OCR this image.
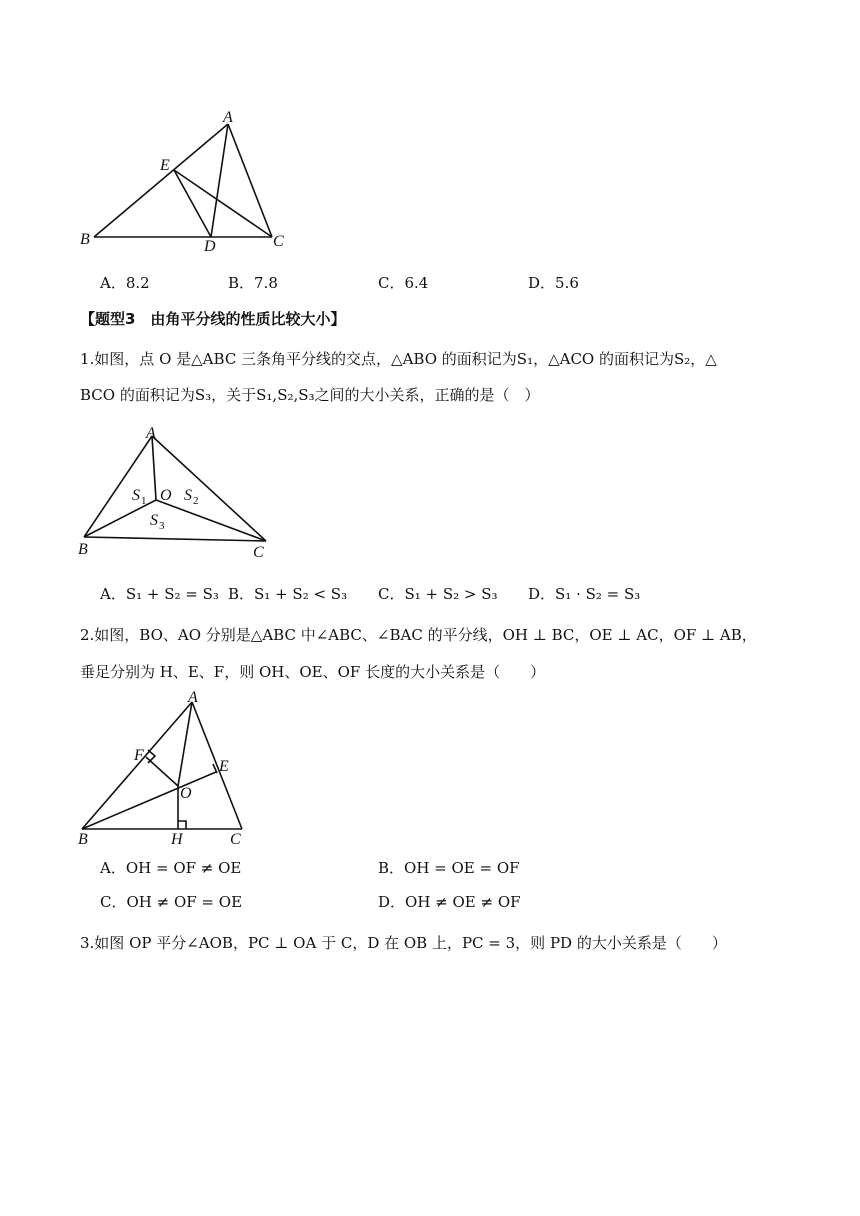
A
E
B	D	C
A．8.2	B．7.8	C．6.4	D．5.6
【题型3　由角平分线的性质比较大小】
1.如图，点 O 是△ABC 三条角平分线的交点，△ABO 的面积记为S₁，△ACO 的面积记为S₂，△
BCO 的面积记为S₃，关于S₁,S₂,S₃之间的大小关系，正确的是（　）
A
B	C
O
S 1 S 2
S 3
A．S₁ + S₂ = S₃ B．S₁ + S₂ < S₃ C．S₁ + S₂ > S₃ D．S₁ · S₂ = S₃
2.如图，BO、AO 分别是△ABC 中∠ABC、∠BAC 的平分线，OH ⊥ BC，OE ⊥ AC，OF ⊥ AB，
垂足分别为 H、E、F，则 OH、OE、OF 长度的大小关系是（　　）
A
B	C
O
E
F
H
A．OH = OF ≠ OE	B．OH = OE = OF
C．OH ≠ OF = OE	D．OH ≠ OE ≠ OF
3.如图 OP 平分∠AOB，PC ⊥ OA 于 C，D 在 OB 上，PC = 3，则 PD 的大小关系是（　　）
